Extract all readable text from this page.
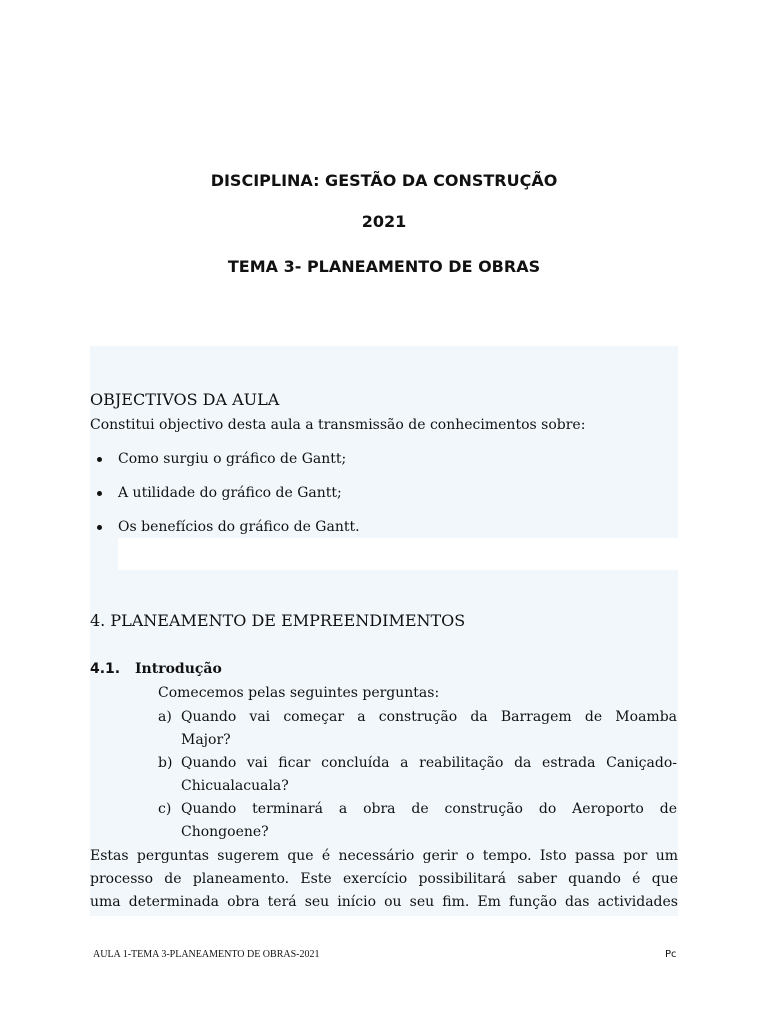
DISCIPLINA: GESTÃO DA CONSTRUÇÃO
2021
TEMA 3- PLANEAMENTO DE OBRAS
OBJECTIVOS DA AULA

Constitui objectivo desta aula a transmissão de conhecimentos sobre:

Como surgiu o gráfico de Gantt;
A utilidade do gráfico de Gantt;
Os benefícios do gráfico de Gantt.
4. PLANEAMENTO DE EMPREENDIMENTOS
4.1. Introdução

Comecemos pelas seguintes perguntas:

a) Quando vai começar a construção da Barragem de Moamba
Major?
b) Quando vai ficar concluída a reabilitação da estrada Caniçado-
Chicualacuala?
c) Quando terminará a obra de construção do Aeroporto de
Chongoene?

Estas perguntas sugerem que é necessário gerir o tempo. Isto passa por um
processo de planeamento. Este exercício possibilitará saber quando é que
uma determinada obra terá seu início ou seu fim. Em função das actividades

AULA 1-TEMA 3-PLANEAMENTO DE OBRAS-2021	Pc
